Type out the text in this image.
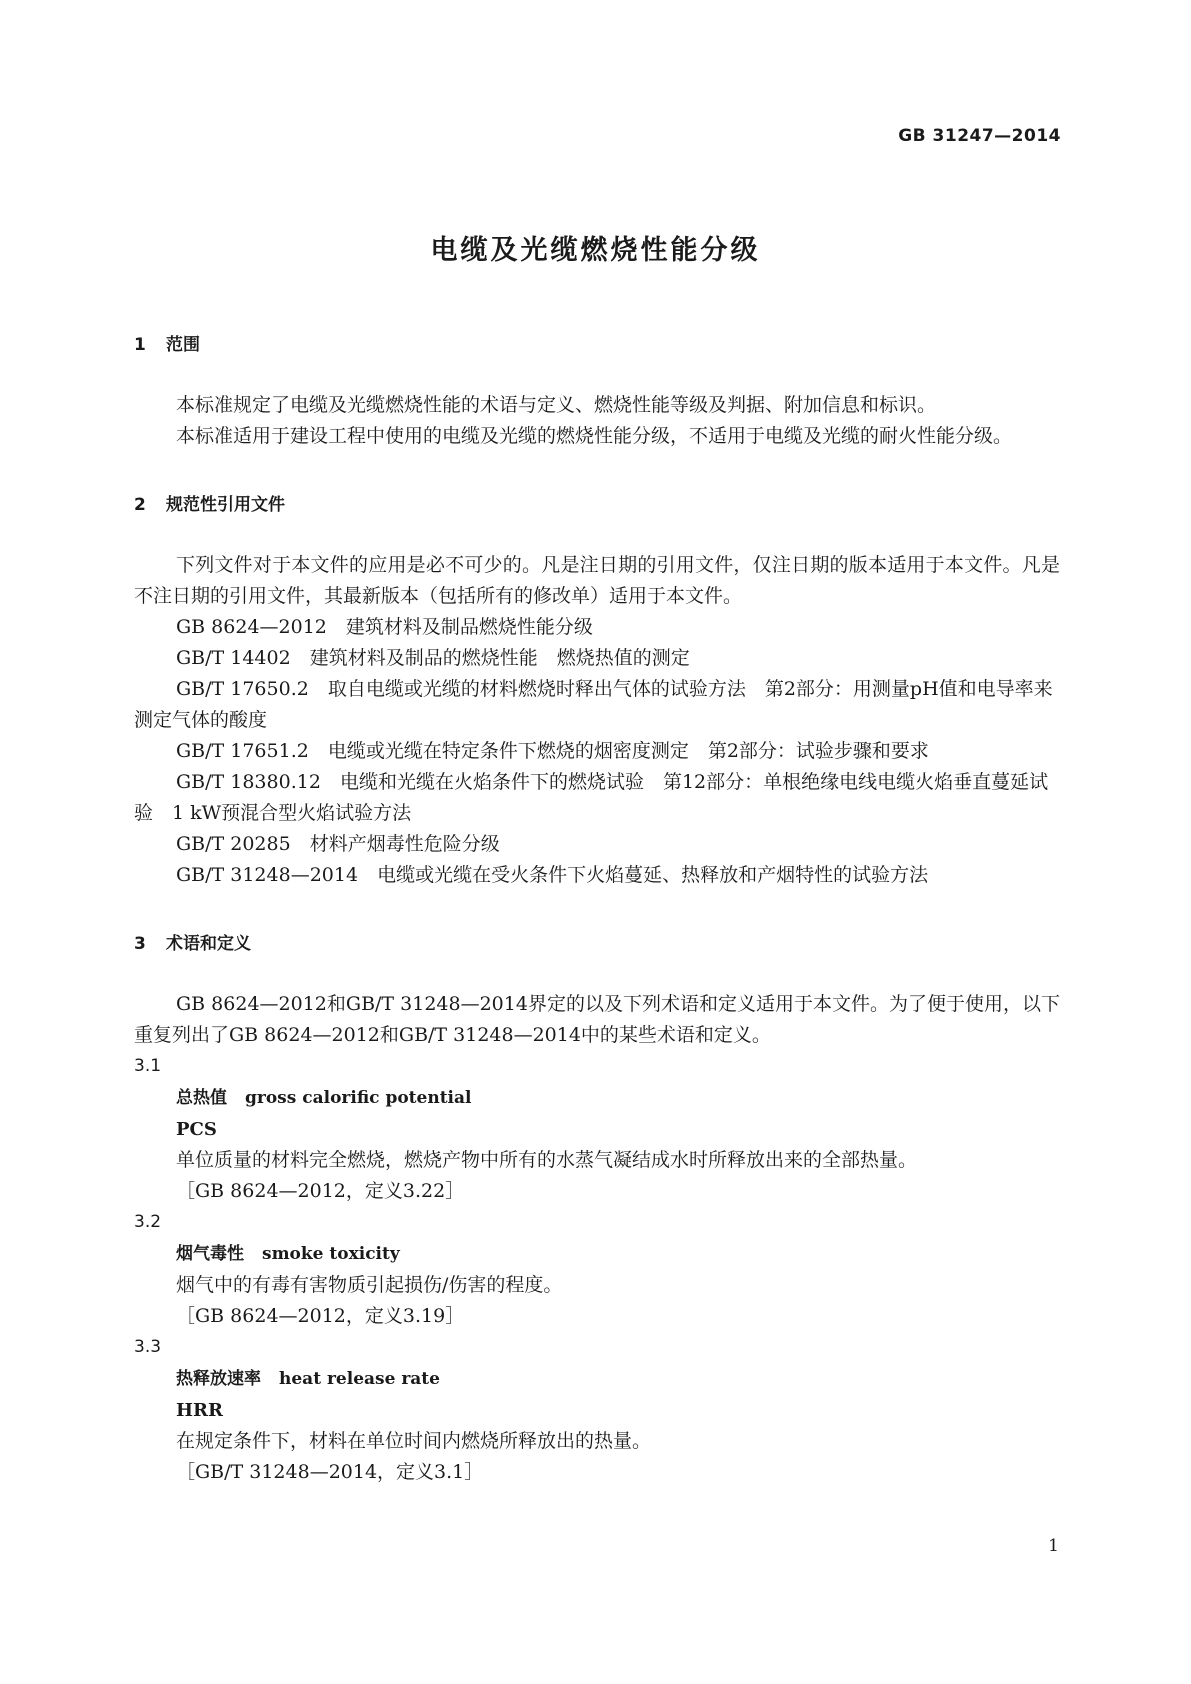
GB 31247—2014
电缆及光缆燃烧性能分级
1 范围

本标准规定了电缆及光缆燃烧性能的术语与定义、燃烧性能等级及判据、附加信息和标识。

本标准适用于建设工程中使用的电缆及光缆的燃烧性能分级，不适用于电缆及光缆的耐火性能分级。

2 规范性引用文件

下列文件对于本文件的应用是必不可少的。凡是注日期的引用文件，仅注日期的版本适用于本文件。凡是不注日期的引用文件，其最新版本（包括所有的修改单）适用于本文件。

GB 8624—2012　 建筑材料及制品燃烧性能分级

GB/T 14402　 建筑材料及制品的燃烧性能　燃烧热值的测定

GB/T 17650.2　 取自电缆或光缆的材料燃烧时释出气体的试验方法　第2部分：用测量pH值和电导率来测定气体的酸度

GB/T 17651.2　 电缆或光缆在特定条件下燃烧的烟密度测定　第2部分：试验步骤和要求

GB/T 18380.12　 电缆和光缆在火焰条件下的燃烧试验　第12部分：单根绝缘电线电缆火焰垂直蔓延试验　1 kW预混合型火焰试验方法

GB/T 20285　 材料产烟毒性危险分级

GB/T 31248—2014　 电缆或光缆在受火条件下火焰蔓延、热释放和产烟特性的试验方法

3 术语和定义

GB 8624—2012和GB/T 31248—2014界定的以及下列术语和定义适用于本文件。为了便于使用，以下重复列出了GB 8624—2012和GB/T 31248—2014中的某些术语和定义。

3.1

总热值 gross calorific potential

PCS

单位质量的材料完全燃烧，燃烧产物中所有的水蒸气凝结成水时所释放出来的全部热量。

［GB 8624—2012，定义3.22］

3.2

烟气毒性 smoke toxicity

烟气中的有毒有害物质引起损伤/伤害的程度。

［GB 8624—2012，定义3.19］

3.3

热释放速率 heat release rate

HRR

在规定条件下，材料在单位时间内燃烧所释放出的热量。

［GB/T 31248—2014，定义3.1］

1
